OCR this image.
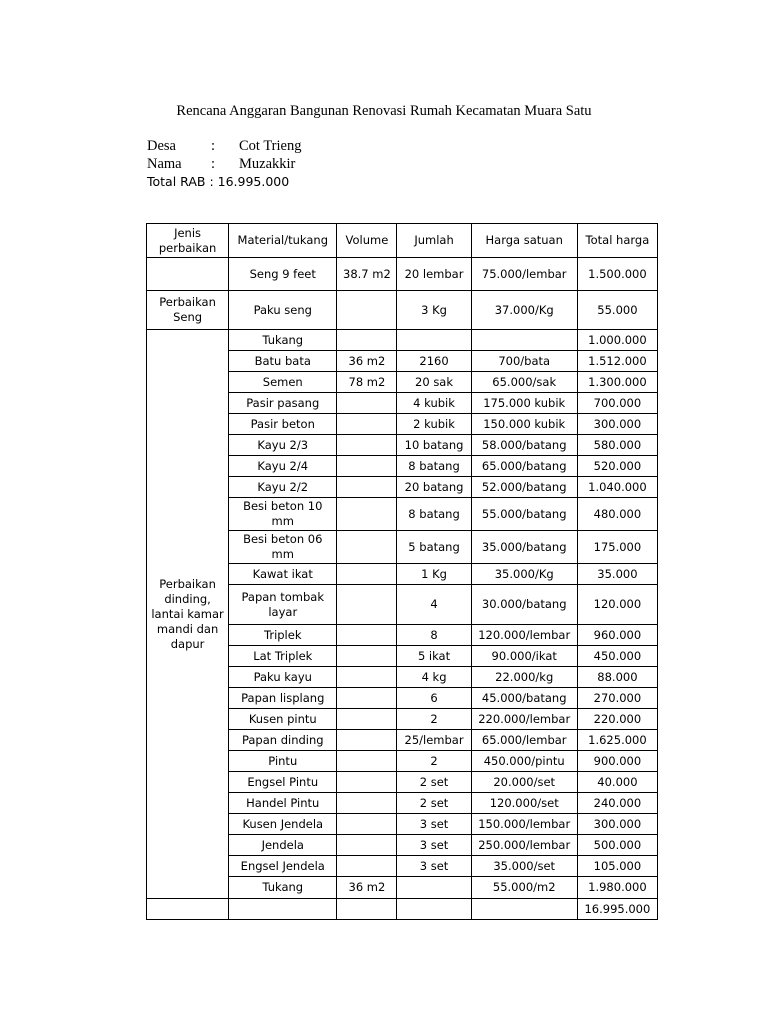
Rencana Anggaran Bangunan Renovasi Rumah Kecamatan Muara Satu
Desa	:	Cot Trieng
Nama	:	Muzakkir
Total RAB : 16.995.000
Jenis perbaikan	Material/tukang	Volume	Jumlah	Harga satuan	Total harga
	Seng 9 feet	38.7 m2	20 lembar	75.000/lembar	1.500.000
Perbaikan Seng	Paku seng		3 Kg	37.000/Kg	55.000
Perbaikan dinding, lantai kamar mandi dan dapur	Tukang				1.000.000
	Batu bata	36 m2	2160	700/bata	1.512.000
	Semen	78 m2	20 sak	65.000/sak	1.300.000
	Pasir pasang		4 kubik	175.000 kubik	700.000
	Pasir beton		2 kubik	150.000 kubik	300.000
	Kayu 2/3		10 batang	58.000/batang	580.000
	Kayu 2/4		8 batang	65.000/batang	520.000
	Kayu 2/2		20 batang	52.000/batang	1.040.000
	Besi beton 10 mm		8 batang	55.000/batang	480.000
	Besi beton 06 mm		5 batang	35.000/batang	175.000
	Kawat ikat		1 Kg	35.000/Kg	35.000
	Papan tombak layar		4	30.000/batang	120.000
	Triplek		8	120.000/lembar	960.000
	Lat Triplek		5 ikat	90.000/ikat	450.000
	Paku kayu		4 kg	22.000/kg	88.000
	Papan lisplang		6	45.000/batang	270.000
	Kusen pintu		2	220.000/lembar	220.000
	Papan dinding		25/lembar	65.000/lembar	1.625.000
	Pintu		2	450.000/pintu	900.000
	Engsel Pintu		2 set	20.000/set	40.000
	Handel Pintu		2 set	120.000/set	240.000
	Kusen Jendela		3 set	150.000/lembar	300.000
	Jendela		3 set	250.000/lembar	500.000
	Engsel Jendela		3 set	35.000/set	105.000
	Tukang	36 m2		55.000/m2	1.980.000
					16.995.000
